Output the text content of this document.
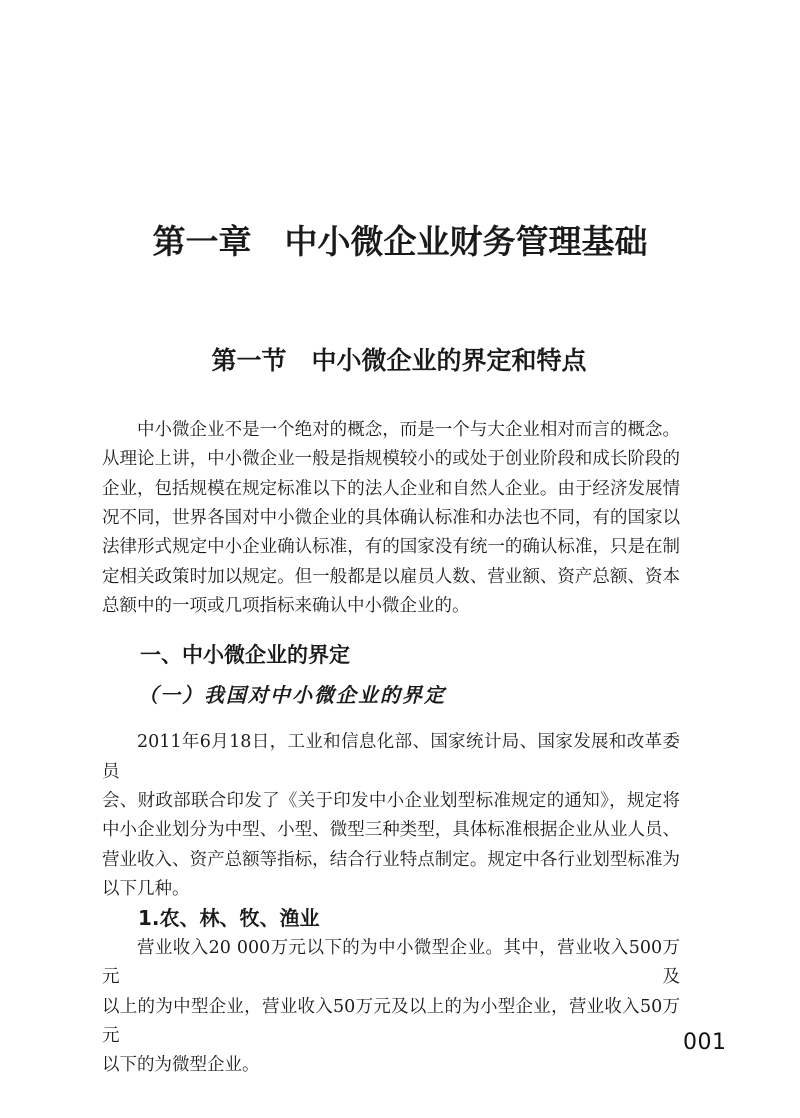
第一章　中小微企业财务管理基础
第一节　中小微企业的界定和特点
中小微企业不是一个绝对的概念，而是一个与大企业相对而言的概念。
从理论上讲，中小微企业一般是指规模较小的或处于创业阶段和成长阶段的
企业，包括规模在规定标准以下的法人企业和自然人企业。由于经济发展情
况不同，世界各国对中小微企业的具体确认标准和办法也不同，有的国家以
法律形式规定中小企业确认标准，有的国家没有统一的确认标准，只是在制
定相关政策时加以规定。但一般都是以雇员人数、营业额、资产总额、资本
总额中的一项或几项指标来确认中小微企业的。
一、中小微企业的界定
（一）我国对中小微企业的界定
2011年6月18日，工业和信息化部、国家统计局、国家发展和改革委员
会、财政部联合印发了《关于印发中小企业划型标准规定的通知》，规定将
中小企业划分为中型、小型、微型三种类型，具体标准根据企业从业人员、
营业收入、资产总额等指标，结合行业特点制定。规定中各行业划型标准为
以下几种。
1.农、林、牧、渔业
营业收入20 000万元以下的为中小微型企业。其中，营业收入500万元及
以上的为中型企业，营业收入50万元及以上的为小型企业，营业收入50万元
以下的为微型企业。
001
